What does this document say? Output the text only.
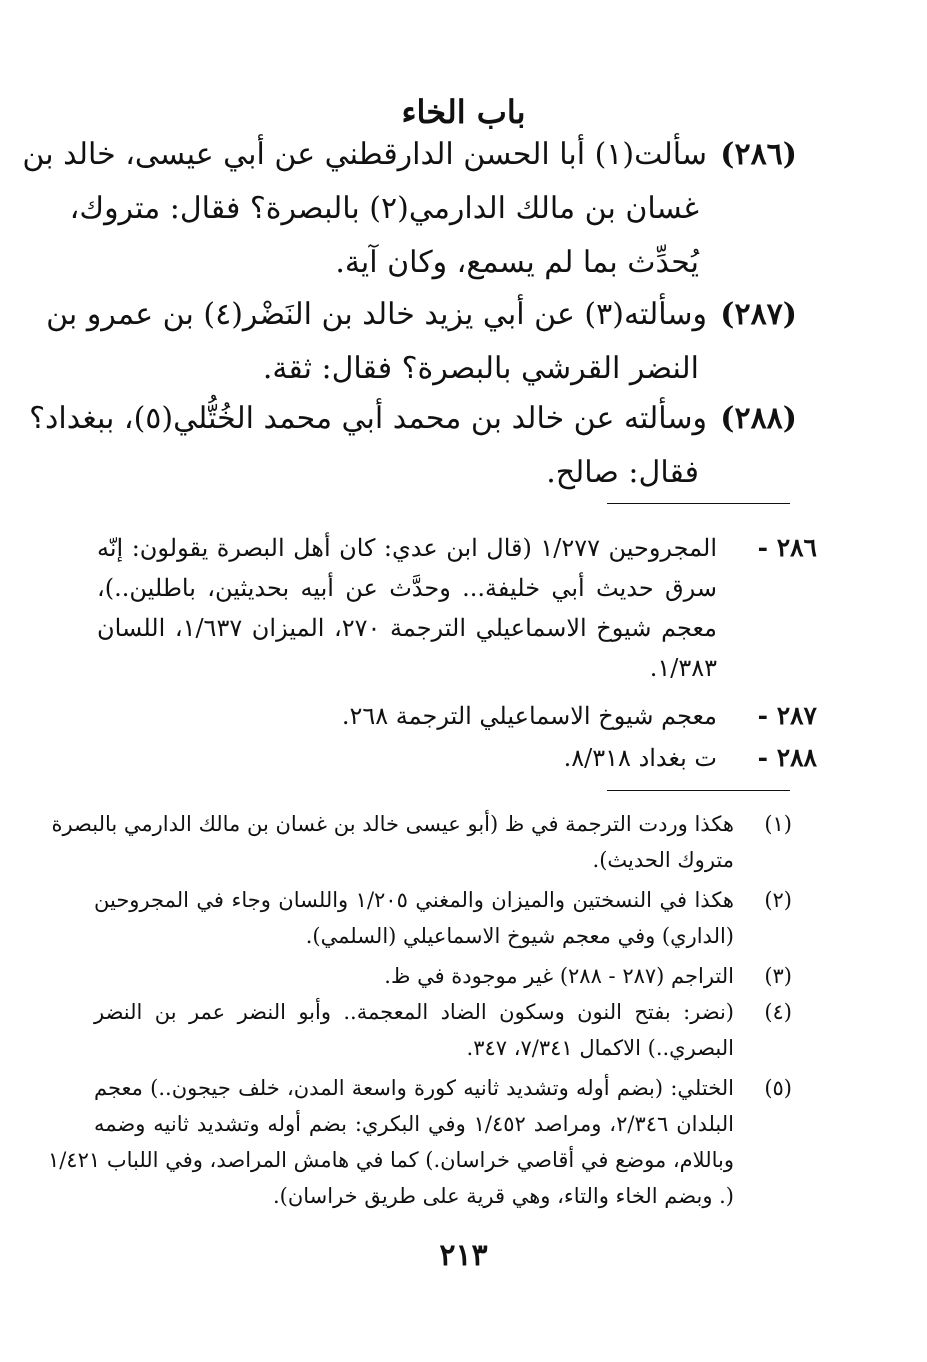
باب الخاء
(٢٨٦)
سألت(١) أبا الحسن الدارقطني عن أبي عيسى، خالد بن
غسان بن مالك الدارمي(٢) بالبصرة؟ فقال: متروك،
يُحدِّث بما لم يسمع، وكان آية.
(٢٨٧)
وسألته(٣) عن أبي يزيد خالد بن النَضْر(٤) بن عمرو بن
النضر القرشي بالبصرة؟ فقال: ثقة.
(٢٨٨)
وسألته عن خالد بن محمد أبي محمد الخُتُّلي(٥)، ببغداد؟
فقال: صالح.
٢٨٦ -
المجروحين ١/٢٧٧ (قال ابن عدي: كان أهل البصرة يقولون: إنّه
سرق حديث أبي خليفة... وحدَّث عن أبيه بحديثين، باطلين..)،
معجم شيوخ الاسماعيلي الترجمة ٢٧٠، الميزان ١/٦٣٧، اللسان
١/٣٨٣.
٢٨٧ -
معجم شيوخ الاسماعيلي الترجمة ٢٦٨.
٢٨٨ -
ت بغداد ٨/٣١٨.
(١)
هكذا وردت الترجمة في ظ (أبو عيسى خالد بن غسان بن مالك الدارمي بالبصرة
متروك الحديث).
(٢)
هكذا في النسختين والميزان والمغني ١/٢٠٥ واللسان وجاء في المجروحين
(الداري) وفي معجم شيوخ الاسماعيلي (السلمي).
(٣)
التراجم (٢٨٧ - ٢٨٨) غير موجودة في ظ.
(٤)
(نضر: بفتح النون وسكون الضاد المعجمة.. وأبو النضر عمر بن النضر
البصري..) الاكمال ٧/٣٤١، ٣٤٧.
(٥)
الختلي: (بضم أوله وتشديد ثانيه كورة واسعة المدن، خلف جيجون..) معجم
البلدان ٢/٣٤٦، ومراصد ١/٤٥٢ وفي البكري: بضم أوله وتشديد ثانيه وضمه
وباللام، موضع في أقاصي خراسان.) كما في هامش المراصد، وفي اللباب ١/٤٢١
(. وبضم الخاء والتاء، وهي قرية على طريق خراسان).
٢١٣
